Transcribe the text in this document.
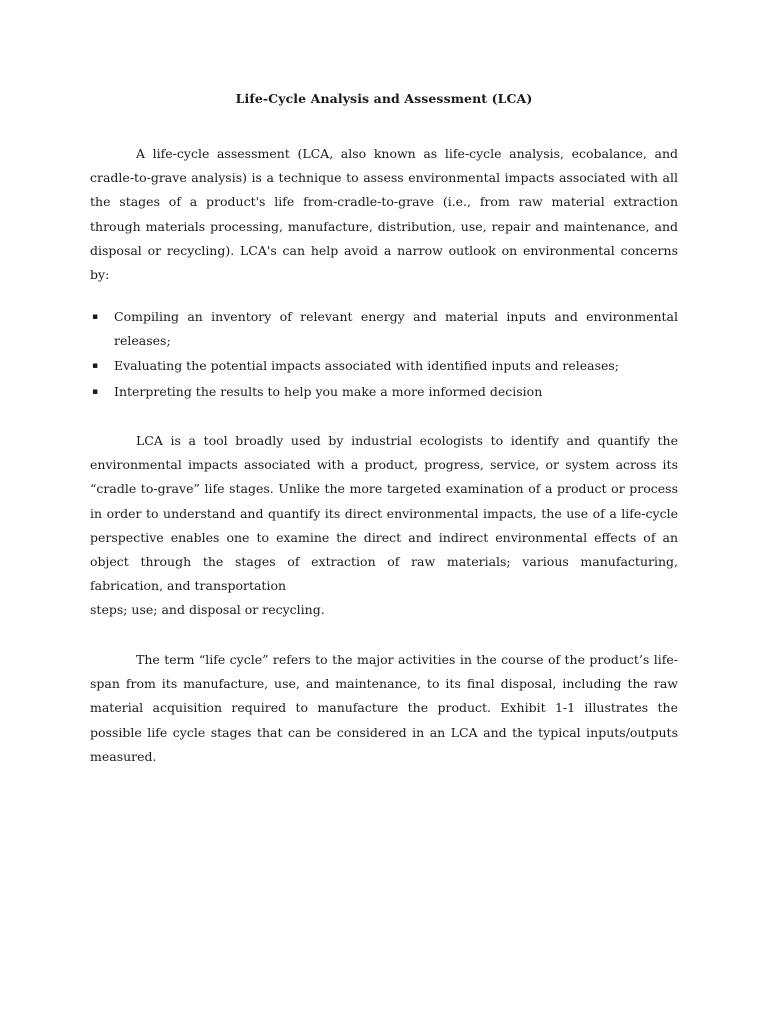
Life-Cycle Analysis and Assessment (LCA)
A life-cycle assessment (LCA, also known as life-cycle analysis, ecobalance, and cradle-to-grave analysis) is a technique to assess environmental impacts associated with all the stages of a product's life from-cradle-to-grave (i.e., from raw material extraction through materials processing, manufacture, distribution, use, repair and maintenance, and disposal or recycling). LCA's can help avoid a narrow outlook on environmental concerns by:
▪ Compiling an inventory of relevant energy and material inputs and environmental releases;
▪ Evaluating the potential impacts associated with identified inputs and releases;
▪ Interpreting the results to help you make a more informed decision
LCA is a tool broadly used by industrial ecologists to identify and quantify the environmental impacts associated with a product, progress, service, or system across its “cradle to-grave” life stages. Unlike the more targeted examination of a product or process in order to understand and quantify its direct environmental impacts, the use of a life-cycle perspective enables one to examine the direct and indirect environmental effects of an object through the stages of extraction of raw materials; various manufacturing, fabrication, and transportation
steps; use; and disposal or recycling.
The term “life cycle” refers to the major activities in the course of the product’s life-span from its manufacture, use, and maintenance, to its final disposal, including the raw material acquisition required to manufacture the product. Exhibit 1-1 illustrates the possible life cycle stages that can be considered in an LCA and the typical inputs/outputs measured.
